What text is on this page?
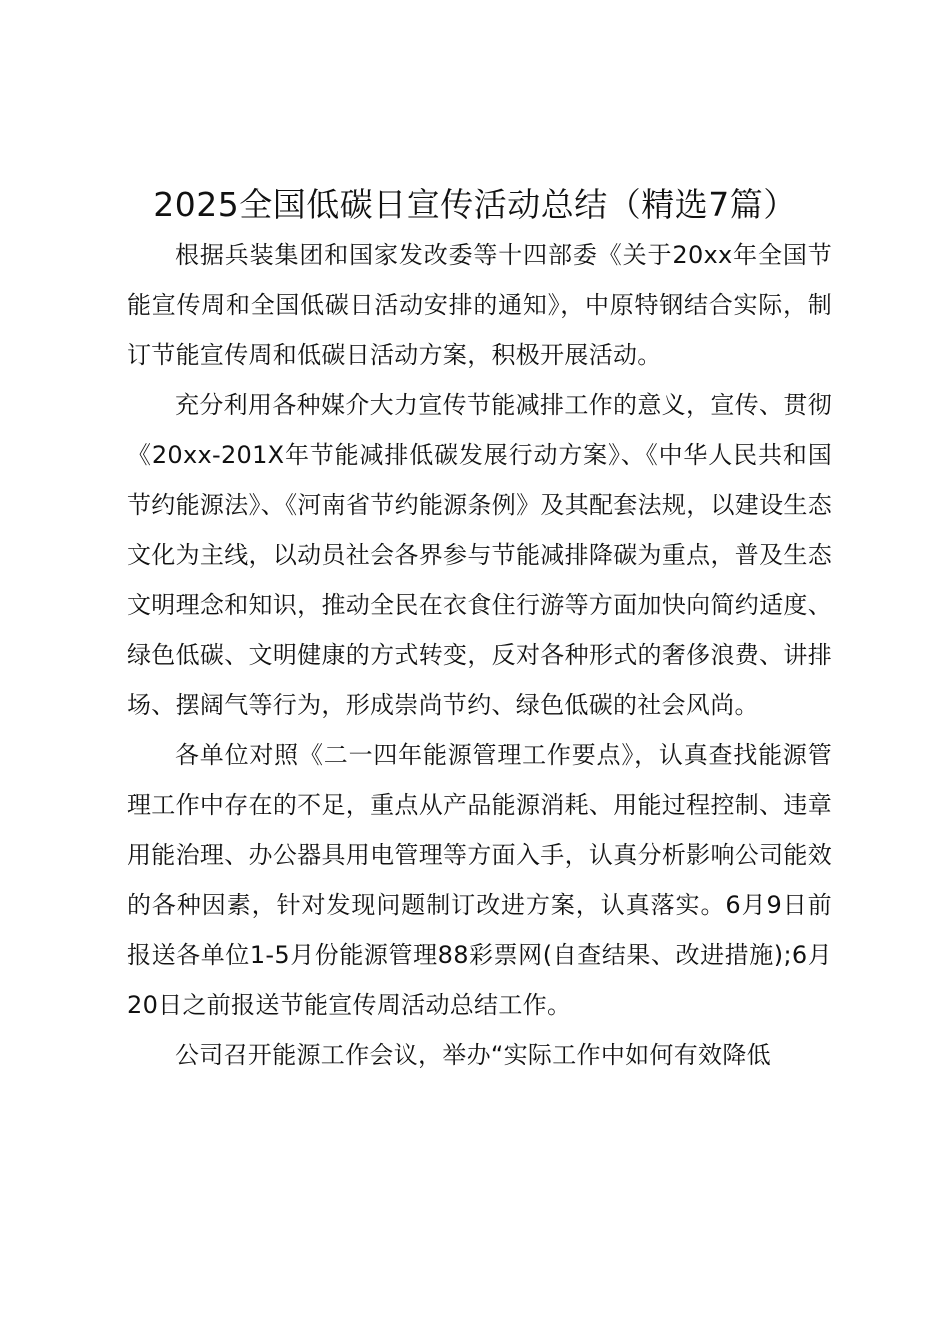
2025全国低碳日宣传活动总结（精选7篇）

根据兵装集团和国家发改委等十四部委《关于20xx年全国节能宣传周和全国低碳日活动安排的通知》，中原特钢结合实际，制订节能宣传周和低碳日活动方案，积极开展活动。

充分利用各种媒介大力宣传节能减排工作的意义，宣传、贯彻《20xx-201X年节能减排低碳发展行动方案》、《中华人民共和国节约能源法》、《河南省节约能源条例》及其配套法规，以建设生态文化为主线，以动员社会各界参与节能减排降碳为重点，普及生态文明理念和知识，推动全民在衣食住行游等方面加快向简约适度、绿色低碳、文明健康的方式转变，反对各种形式的奢侈浪费、讲排场、摆阔气等行为，形成崇尚节约、绿色低碳的社会风尚。

各单位对照《二一四年能源管理工作要点》，认真查找能源管理工作中存在的不足，重点从产品能源消耗、用能过程控制、违章用能治理、办公器具用电管理等方面入手，认真分析影响公司能效的各种因素，针对发现问题制订改进方案，认真落实。6月9日前报送各单位1-5月份能源管理88彩票网(自查结果、改进措施);6月20日之前报送节能宣传周活动总结工作。

公司召开能源工作会议，举办“实际工作中如何有效降低
